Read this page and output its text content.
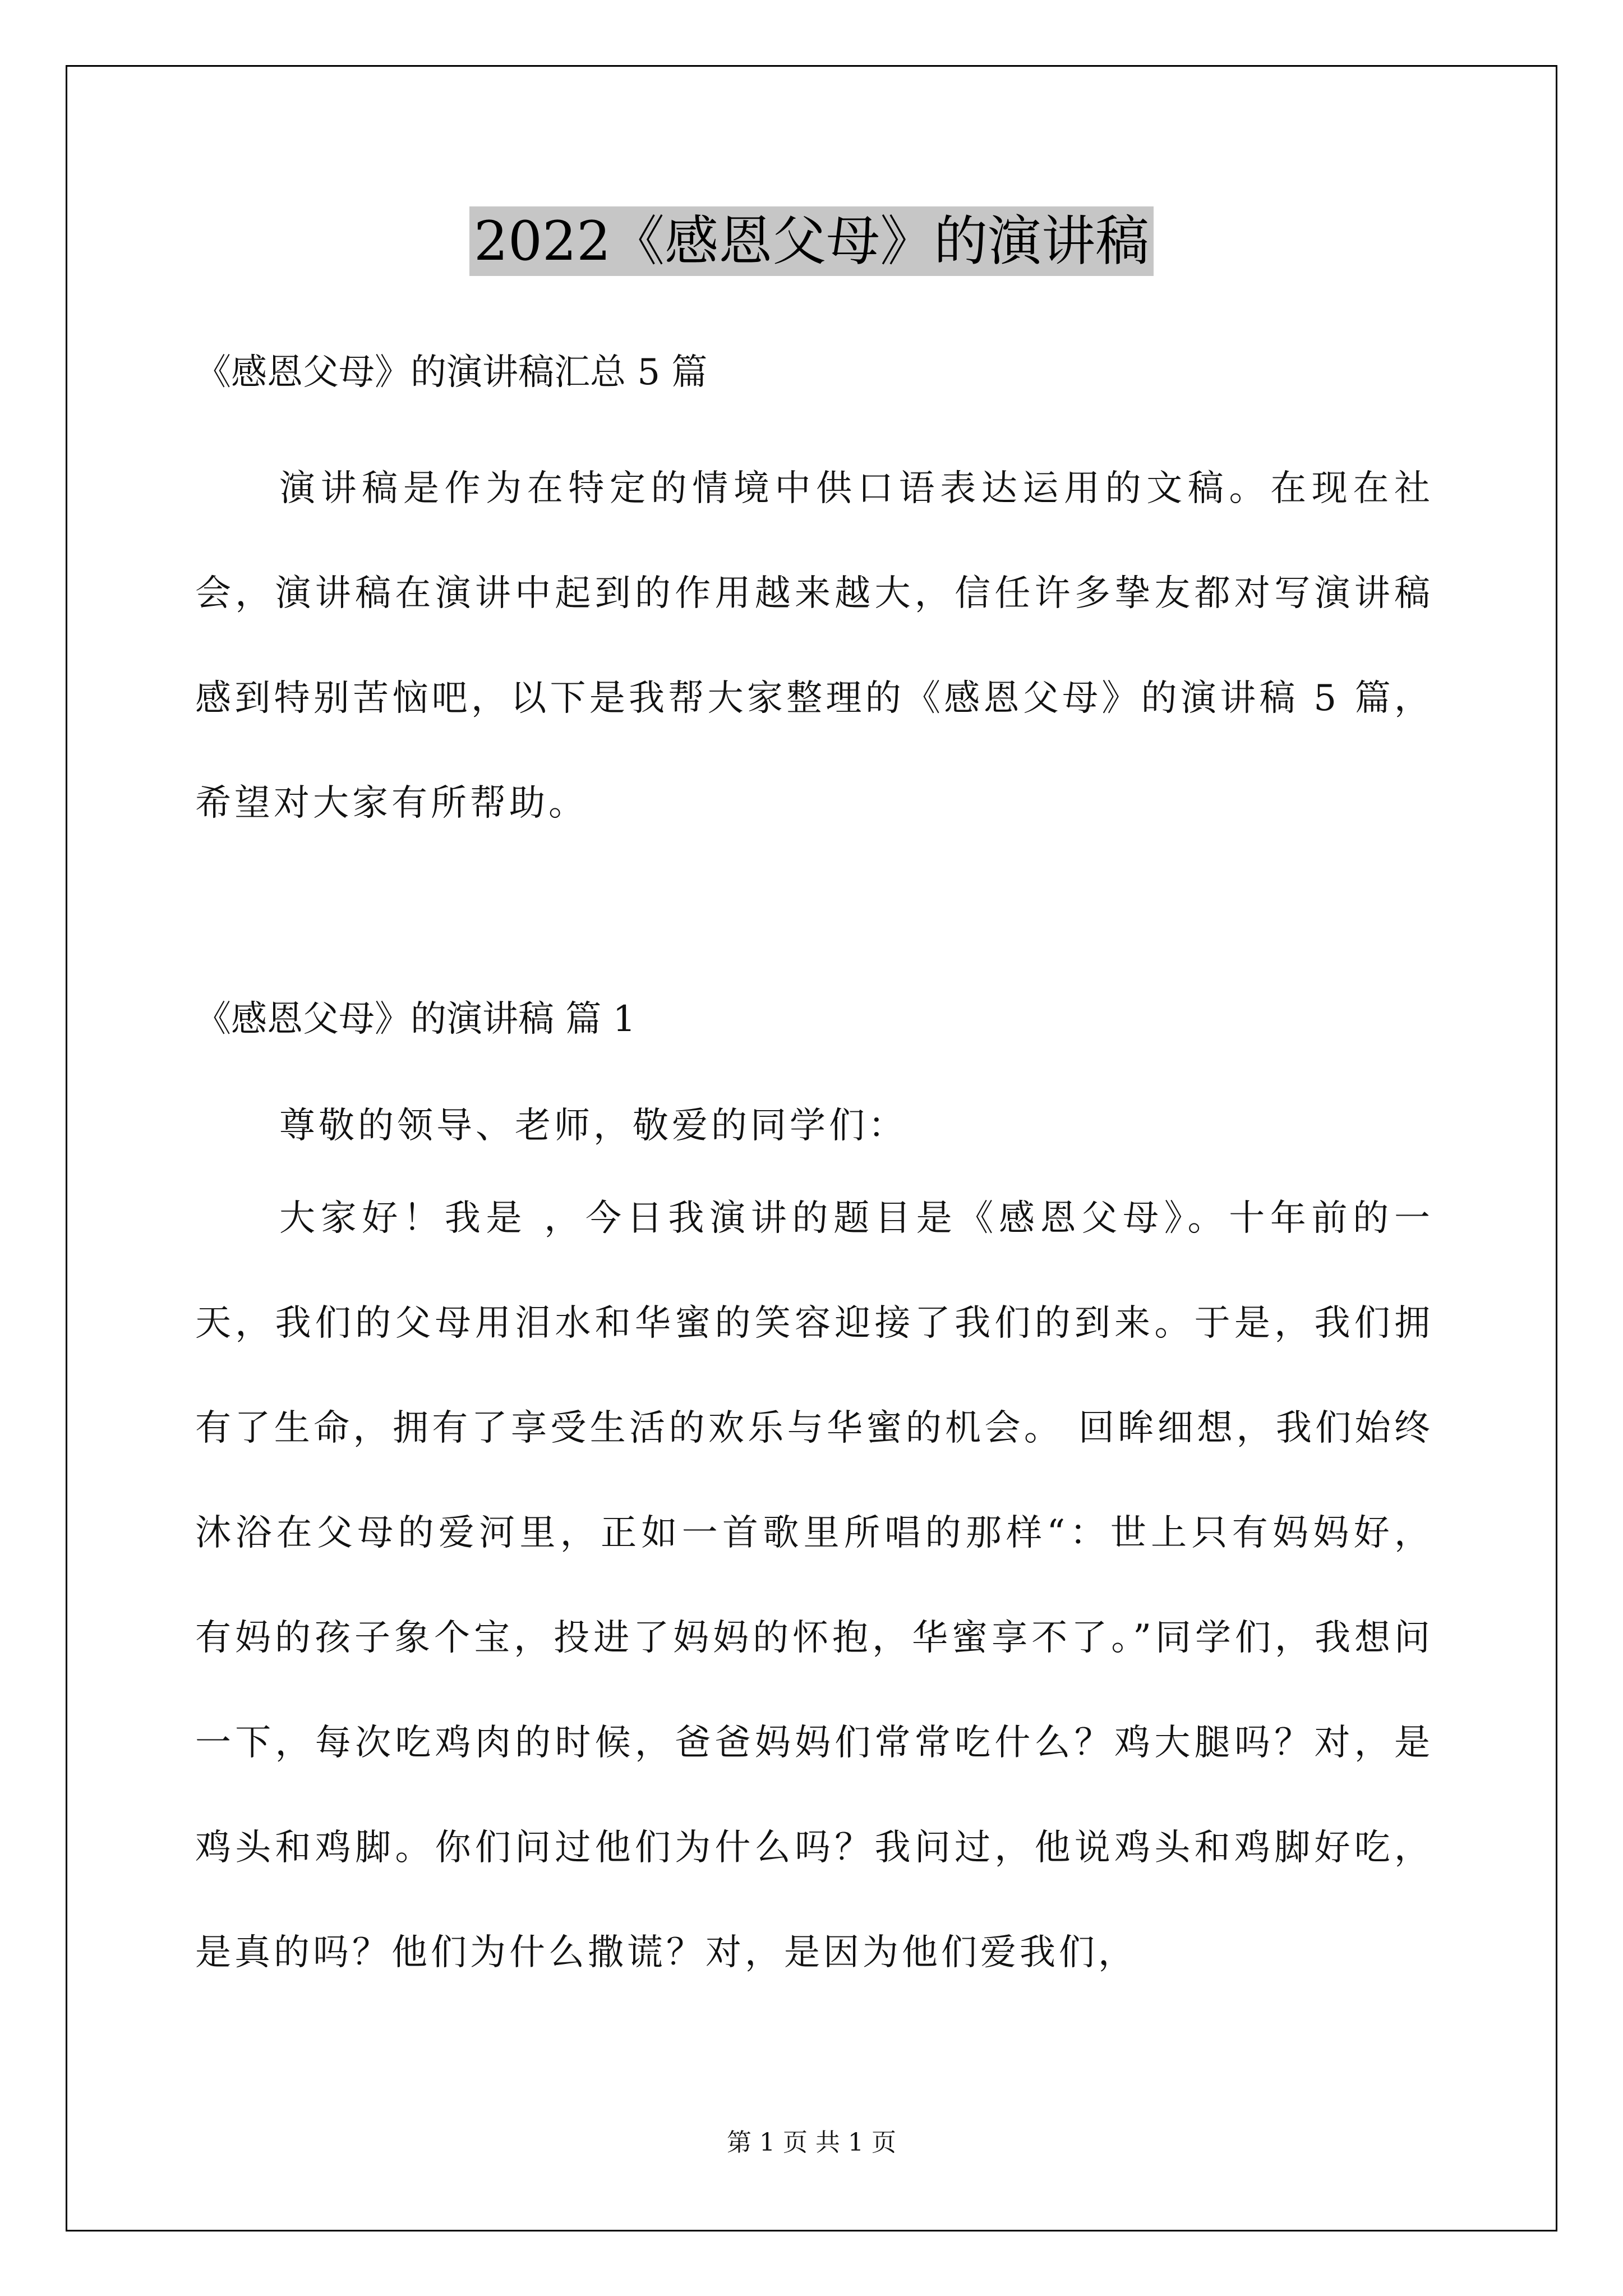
2022《感恩父母》的演讲稿
《感恩父母》的演讲稿汇总 5 篇

演讲稿是作为在特定的情境中供口语表达运用的文稿。在现在社会，演讲稿在演讲中起到的作用越来越大，信任许多挚友都对写演讲稿感到特别苦恼吧，以下是我帮大家整理的《感恩父母》的演讲稿 5 篇，希望对大家有所帮助。

《感恩父母》的演讲稿 篇 1
尊敬的领导、老师，敬爱的同学们：

大家好！我是 ，今日我演讲的题目是《感恩父母》。十年前的一天，我们的父母用泪水和华蜜的笑容迎接了我们的到来。于是，我们拥有了生命，拥有了享受生活的欢乐与华蜜的机会。 回眸细想，我们始终沐浴在父母的爱河里，正如一首歌里所唱的那样“：世上只有妈妈好，有妈的孩子象个宝，投进了妈妈的怀抱，华蜜享不了。”同学们，我想问一下，每次吃鸡肉的时候，爸爸妈妈们常常吃什么？鸡大腿吗？对，是鸡头和鸡脚。你们问过他们为什么吗？我问过，他说鸡头和鸡脚好吃，是真的吗？他们为什么撒谎？对，是因为他们爱我们，

第 1 页 共 1 页
